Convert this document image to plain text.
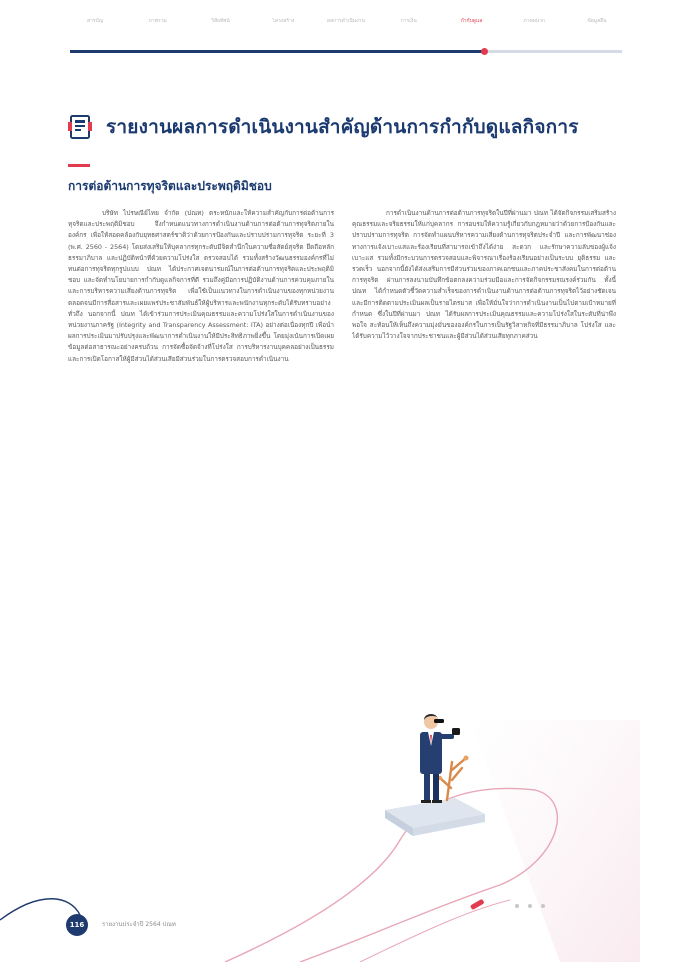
สารบัญ	ภาพรวม	วิสัยทัศน์	โครงสร้าง	ผลการดำเนินงาน	การเงิน	กำกับดูแล	ภาคผนวก	ข้อมูลอื่น
รายงานผลการดำเนินงานสำคัญด้านการกำกับดูแลกิจการ
การต่อต้านการทุจริตและประพฤติมิชอบ

บริษัท ไปรษณีย์ไทย จำกัด (ปณท) ตระหนักและให้ความสำคัญกับการต่อต้านการทุจริตและประพฤติมิชอบ จึงกำหนดแนวทางการดำเนินงานด้านการต่อต้านการทุจริตภายในองค์กร เพื่อให้สอดคล้องกับยุทธศาสตร์ชาติว่าด้วยการป้องกันและปราบปรามการทุจริต ระยะที่ 3 (พ.ศ. 2560 - 2564) โดยส่งเสริมให้บุคลากรทุกระดับมีจิตสำนึกในความซื่อสัตย์สุจริต ยึดถือหลักธรรมาภิบาล และปฏิบัติหน้าที่ด้วยความโปร่งใส ตรวจสอบได้ รวมทั้งสร้างวัฒนธรรมองค์กรที่ไม่ทนต่อการทุจริตทุกรูปแบบ ปณท ได้ประกาศเจตนารมณ์ในการต่อต้านการทุจริตและประพฤติมิชอบ และจัดทำนโยบายการกำกับดูแลกิจการที่ดี รวมถึงคู่มือการปฏิบัติงานด้านการควบคุมภายในและการบริหารความเสี่ยงด้านการทุจริต เพื่อใช้เป็นแนวทางในการดำเนินงานของทุกหน่วยงาน ตลอดจนมีการสื่อสารและเผยแพร่ประชาสัมพันธ์ให้ผู้บริหารและพนักงานทุกระดับได้รับทราบอย่างทั่วถึง นอกจากนี้ ปณท ได้เข้าร่วมการประเมินคุณธรรมและความโปร่งใสในการดำเนินงานของหน่วยงานภาครัฐ (Integrity and Transparency Assessment: ITA) อย่างต่อเนื่องทุกปี เพื่อนำผลการประเมินมาปรับปรุงและพัฒนาการดำเนินงานให้มีประสิทธิภาพยิ่งขึ้น โดยมุ่งเน้นการเปิดเผยข้อมูลต่อสาธารณะอย่างครบถ้วน การจัดซื้อจัดจ้างที่โปร่งใส การบริหารงานบุคคลอย่างเป็นธรรม และการเปิดโอกาสให้ผู้มีส่วนได้ส่วนเสียมีส่วนร่วมในการตรวจสอบการดำเนินงาน

การดำเนินงานด้านการต่อต้านการทุจริตในปีที่ผ่านมา ปณท ได้จัดกิจกรรมเสริมสร้างคุณธรรมและจริยธรรมให้แก่บุคลากร การอบรมให้ความรู้เกี่ยวกับกฎหมายว่าด้วยการป้องกันและปราบปรามการทุจริต การจัดทำแผนบริหารความเสี่ยงด้านการทุจริตประจำปี และการพัฒนาช่องทางการแจ้งเบาะแสและร้องเรียนที่สามารถเข้าถึงได้ง่าย สะดวก และรักษาความลับของผู้แจ้งเบาะแส รวมทั้งมีกระบวนการตรวจสอบและพิจารณาเรื่องร้องเรียนอย่างเป็นระบบ ยุติธรรม และรวดเร็ว นอกจากนี้ยังได้ส่งเสริมการมีส่วนร่วมของภาคเอกชนและภาคประชาสังคมในการต่อต้านการทุจริต ผ่านการลงนามบันทึกข้อตกลงความร่วมมือและการจัดกิจกรรมรณรงค์ร่วมกัน ทั้งนี้ ปณท ได้กำหนดตัวชี้วัดความสำเร็จของการดำเนินงานด้านการต่อต้านการทุจริตไว้อย่างชัดเจน และมีการติดตามประเมินผลเป็นรายไตรมาส เพื่อให้มั่นใจว่าการดำเนินงานเป็นไปตามเป้าหมายที่กำหนด ซึ่งในปีที่ผ่านมา ปณท ได้รับผลการประเมินคุณธรรมและความโปร่งใสในระดับที่น่าพึงพอใจ สะท้อนให้เห็นถึงความมุ่งมั่นขององค์กรในการเป็นรัฐวิสาหกิจที่มีธรรมาภิบาล โปร่งใส และได้รับความไว้วางใจจากประชาชนและผู้มีส่วนได้ส่วนเสียทุกภาคส่วน

116	รายงานประจำปี 2564 ปณท
